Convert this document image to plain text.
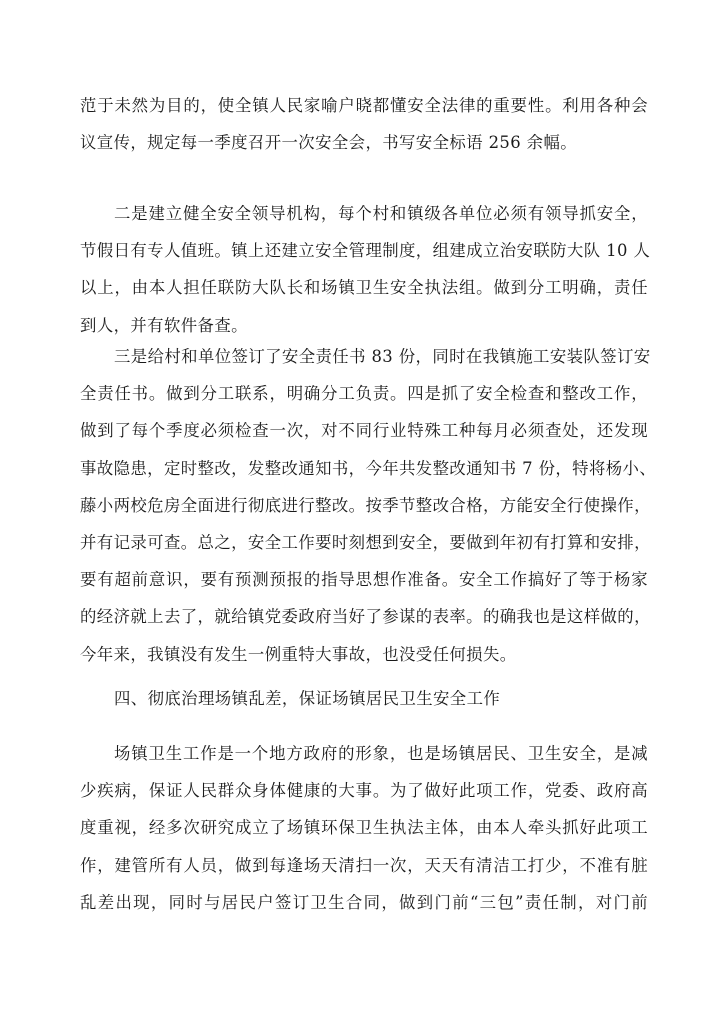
范于未然为目的，使全镇人民家喻户晓都懂安全法律的重要性。利用各种会
议宣传，规定每一季度召开一次安全会，书写安全标语 256 余幅。
二是建立健全安全领导机构，每个村和镇级各单位必须有领导抓安全，
节假日有专人值班。镇上还建立安全管理制度，组建成立治安联防大队 10 人
以上，由本人担任联防大队长和场镇卫生安全执法组。做到分工明确，责任
到人，并有软件备查。
三是给村和单位签订了安全责任书 83 份，同时在我镇施工安装队签订安
全责任书。做到分工联系，明确分工负责。四是抓了安全检查和整改工作，
做到了每个季度必须检查一次，对不同行业特殊工种每月必须查处，还发现
事故隐患，定时整改，发整改通知书，今年共发整改通知书 7 份，特将杨小、
藤小两校危房全面进行彻底进行整改。按季节整改合格，方能安全行使操作，
并有记录可查。总之，安全工作要时刻想到安全，要做到年初有打算和安排，
要有超前意识，要有预测预报的指导思想作准备。安全工作搞好了等于杨家
的经济就上去了，就给镇党委政府当好了参谋的表率。的确我也是这样做的，
今年来，我镇没有发生一例重特大事故，也没受任何损失。
四、彻底治理场镇乱差，保证场镇居民卫生安全工作
场镇卫生工作是一个地方政府的形象，也是场镇居民、卫生安全，是减
少疾病，保证人民群众身体健康的大事。为了做好此项工作，党委、政府高
度重视，经多次研究成立了场镇环保卫生执法主体，由本人牵头抓好此项工
作，建管所有人员，做到每逢场天清扫一次，天天有清洁工打少，不准有脏
乱差出现，同时与居民户签订卫生合同，做到门前“三包”责任制，对门前
